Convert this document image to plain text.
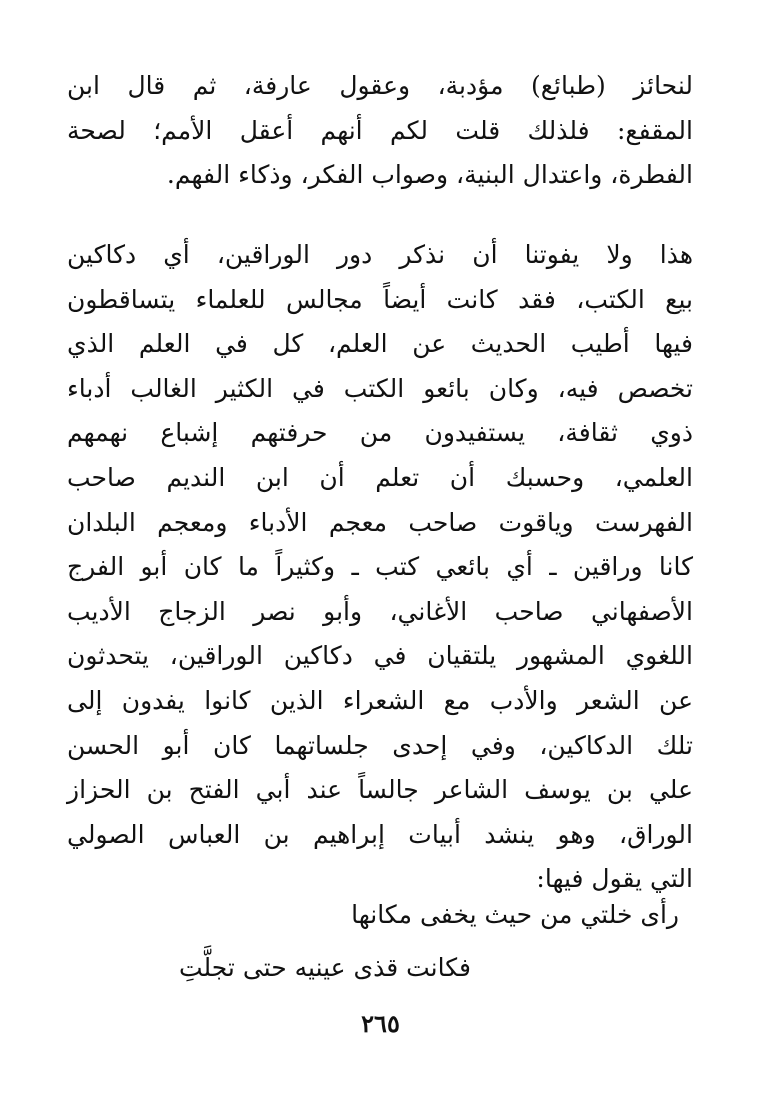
لنحائز (طبائع) مؤدبة، وعقول عارفة، ثم قال ابن
المقفع: فلذلك قلت لكم أنهم أعقل الأمم؛ لصحة
الفطرة، واعتدال البنية، وصواب الفكر، وذكاء الفهم.
هذا ولا يفوتنا أن نذكر دور الوراقين، أي دكاكين
بيع الكتب، فقد كانت أيضاً مجالس للعلماء يتساقطون
فيها أطيب الحديث عن العلم، كل في العلم الذي
تخصص فيه، وكان بائعو الكتب في الكثير الغالب أدباء
ذوي ثقافة، يستفيدون من حرفتهم إشباع نهمهم
العلمي، وحسبك أن تعلم أن ابن النديم صاحب
الفهرست وياقوت صاحب معجم الأدباء ومعجم البلدان
كانا وراقين ـ أي بائعي كتب ـ وكثيراً ما كان أبو الفرج
الأصفهاني صاحب الأغاني، وأبو نصر الزجاج الأديب
اللغوي المشهور يلتقيان في دكاكين الوراقين، يتحدثون
عن الشعر والأدب مع الشعراء الذين كانوا يفدون إلى
تلك الدكاكين، وفي إحدى جلساتهما كان أبو الحسن
علي بن يوسف الشاعر جالساً عند أبي الفتح بن الحزاز
الوراق، وهو ينشد أبيات إبراهيم بن العباس الصولي
التي يقول فيها:
رأى خلتي من حيث يخفى مكانها
فكانت قذى عينيه حتى تجلَّتِ
٢٦٥
